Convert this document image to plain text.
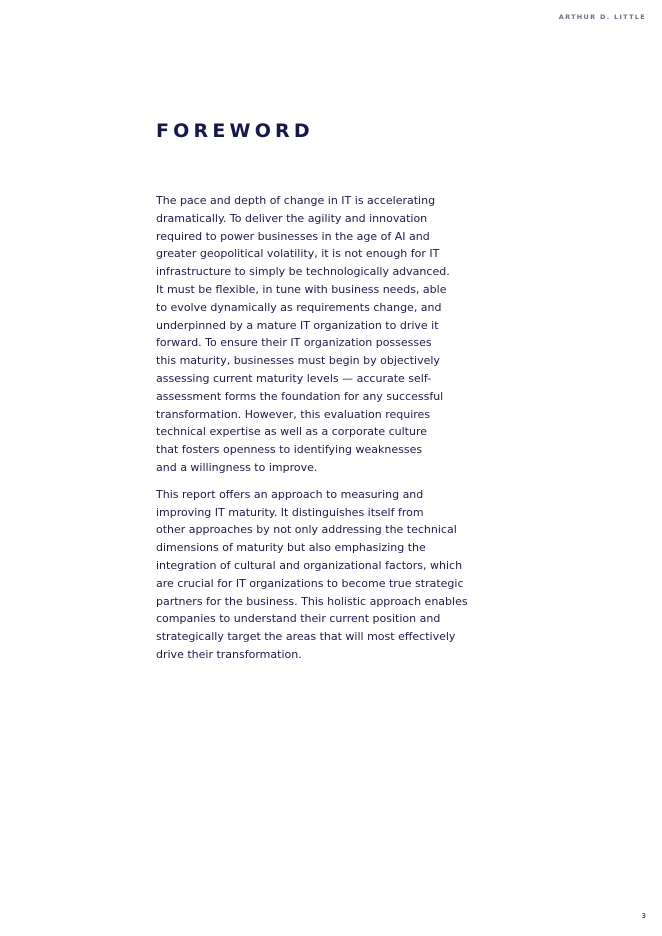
ARTHUR D. LITTLE
FOREWORD

The pace and depth of change in IT is accelerating
dramatically. To deliver the agility and innovation
required to power businesses in the age of AI and
greater geopolitical volatility, it is not enough for IT
infrastructure to simply be technologically advanced.
It must be flexible, in tune with business needs, able
to evolve dynamically as requirements change, and
underpinned by a mature IT organization to drive it
forward. To ensure their IT organization possesses
this maturity, businesses must begin by objectively
assessing current maturity levels — accurate self-
assessment forms the foundation for any successful
transformation. However, this evaluation requires
technical expertise as well as a corporate culture
that fosters openness to identifying weaknesses
and a willingness to improve.

This report offers an approach to measuring and
improving IT maturity. It distinguishes itself from
other approaches by not only addressing the technical
dimensions of maturity but also emphasizing the
integration of cultural and organizational factors, which
are crucial for IT organizations to become true strategic
partners for the business. This holistic approach enables
companies to understand their current position and
strategically target the areas that will most effectively
drive their transformation.

3
